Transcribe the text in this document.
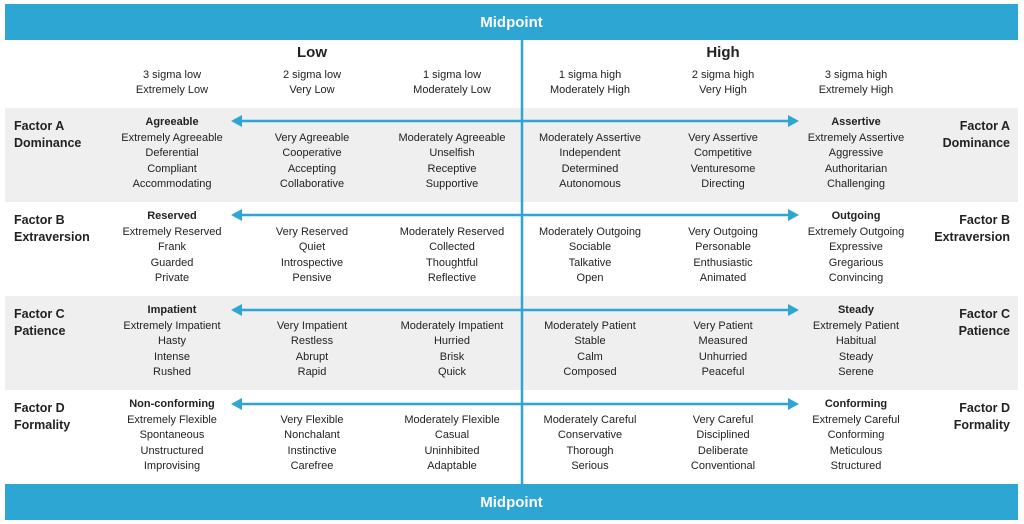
Midpoint
Midpoint
Low	High
3 sigma low
Extremely Low
2 sigma low
Very Low
1 sigma low
Moderately Low
1 sigma high
Moderately High
2 sigma high
Very High
3 sigma high
Extremely High
Factor A
Dominance
Factor A
Dominance
Agreeable
Extremely Agreeable
Deferential
Compliant
Accommodating

Very Agreeable
Cooperative
Accepting
Collaborative

Moderately Agreeable
Unselfish
Receptive
Supportive

Moderately Assertive
Independent
Determined
Autonomous

Very Assertive
Competitive
Venturesome
Directing
Assertive
Extremely Assertive
Aggressive
Authoritarian
Challenging
Factor B
Extraversion
Factor B
Extraversion
Reserved
Extremely Reserved
Frank
Guarded
Private

Very Reserved
Quiet
Introspective
Pensive

Moderately Reserved
Collected
Thoughtful
Reflective

Moderately Outgoing
Sociable
Talkative
Open

Very Outgoing
Personable
Enthusiastic
Animated
Outgoing
Extremely Outgoing
Expressive
Gregarious
Convincing
Factor C
Patience
Factor C
Patience
Impatient
Extremely Impatient
Hasty
Intense
Rushed

Very Impatient
Restless
Abrupt
Rapid

Moderately Impatient
Hurried
Brisk
Quick

Moderately Patient
Stable
Calm
Composed

Very Patient
Measured
Unhurried
Peaceful
Steady
Extremely Patient
Habitual
Steady
Serene
Factor D
Formality
Factor D
Formality
Non-conforming
Extremely Flexible
Spontaneous
Unstructured
Improvising

Very Flexible
Nonchalant
Instinctive
Carefree

Moderately Flexible
Casual
Uninhibited
Adaptable

Moderately Careful
Conservative
Thorough
Serious

Very Careful
Disciplined
Deliberate
Conventional
Conforming
Extremely Careful
Conforming
Meticulous
Structured
